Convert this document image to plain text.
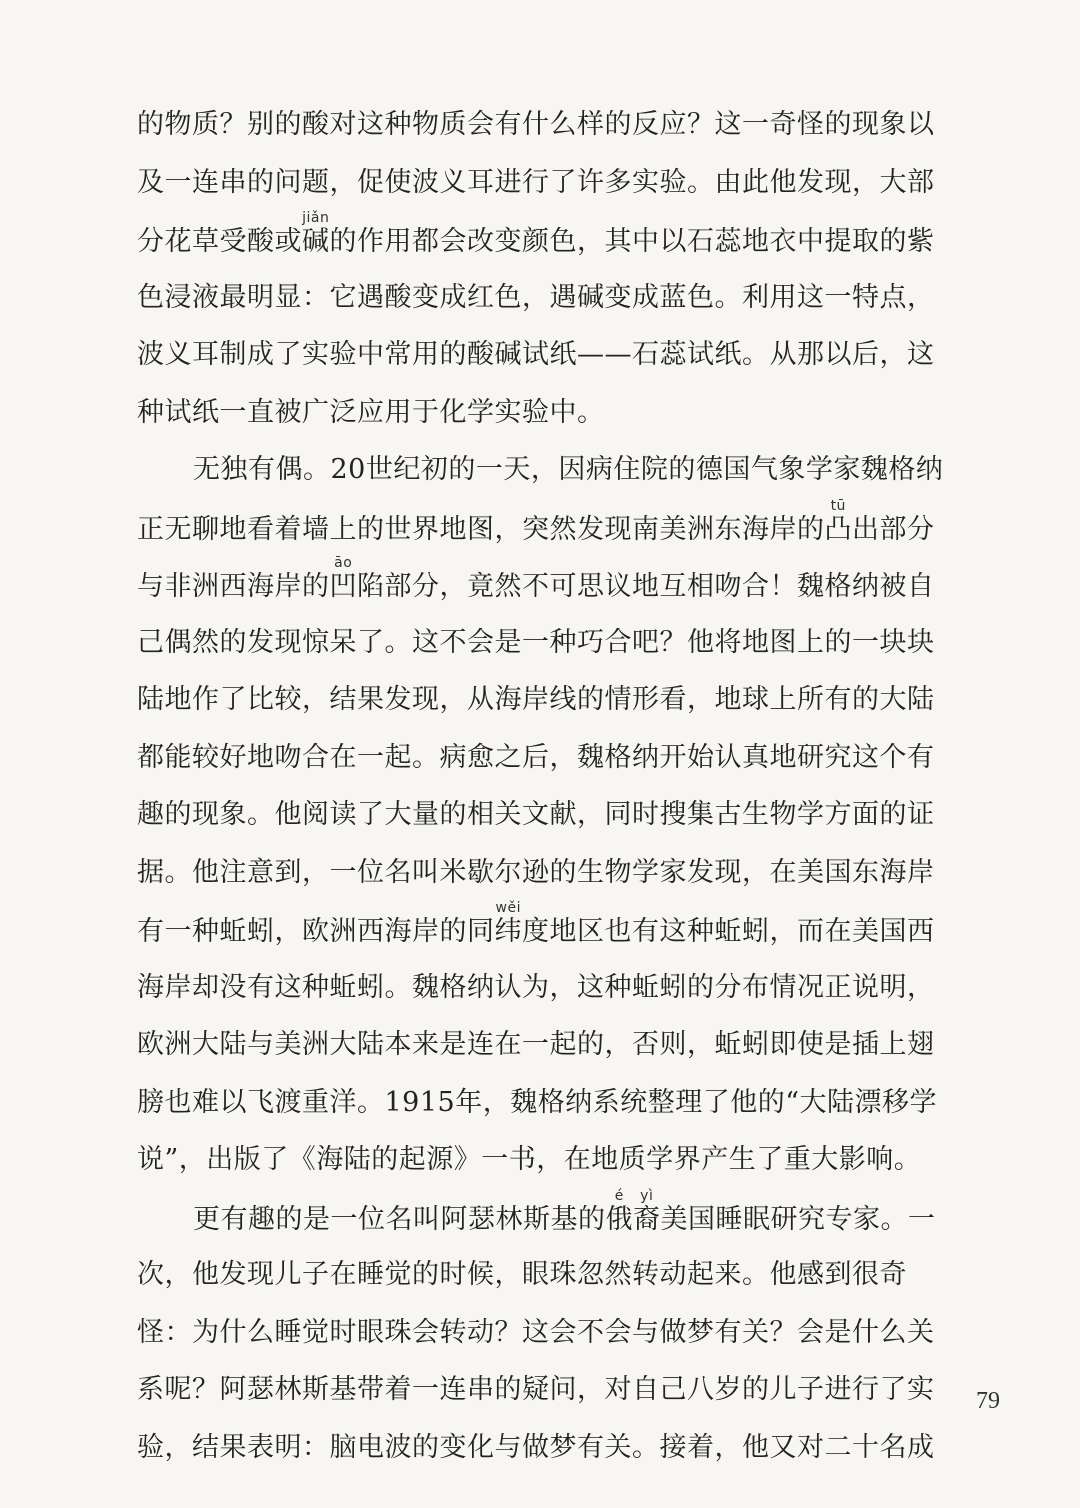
的物质？别的酸对这种物质会有什么样的反应？这一奇怪的现象以
及一连串的问题，促使波义耳进行了许多实验。由此他发现，大部
分花草受酸或碱jiǎn的作用都会改变颜色，其中以石蕊地衣中提取的紫
色浸液最明显：它遇酸变成红色，遇碱变成蓝色。利用这一特点，
波义耳制成了实验中常用的酸碱试纸——石蕊试纸。从那以后，这
种试纸一直被广泛应用于化学实验中。
无独有偶。20世纪初的一天，因病住院的德国气象学家魏格纳
正无聊地看着墙上的世界地图，突然发现南美洲东海岸的凸tū出部分
与非洲西海岸的凹āo陷部分，竟然不可思议地互相吻合！魏格纳被自
己偶然的发现惊呆了。这不会是一种巧合吧？他将地图上的一块块
陆地作了比较，结果发现，从海岸线的情形看，地球上所有的大陆
都能较好地吻合在一起。病愈之后，魏格纳开始认真地研究这个有
趣的现象。他阅读了大量的相关文献，同时搜集古生物学方面的证
据。他注意到，一位名叫米歇尔逊的生物学家发现，在美国东海岸
有一种蚯蚓，欧洲西海岸的同纬wěi度地区也有这种蚯蚓，而在美国西
海岸却没有这种蚯蚓。魏格纳认为，这种蚯蚓的分布情况正说明，
欧洲大陆与美洲大陆本来是连在一起的，否则，蚯蚓即使是插上翅
膀也难以飞渡重洋。1915年，魏格纳系统整理了他的“大陆漂移学
说”，出版了《海陆的起源》一书，在地质学界产生了重大影响。
更有趣的是一位名叫阿瑟林斯基的俄é裔yì美国睡眠研究专家。一
次，他发现儿子在睡觉的时候，眼珠忽然转动起来。他感到很奇
怪：为什么睡觉时眼珠会转动？这会不会与做梦有关？会是什么关
系呢？阿瑟林斯基带着一连串的疑问，对自己八岁的儿子进行了实
验，结果表明：脑电波的变化与做梦有关。接着，他又对二十名成
79
